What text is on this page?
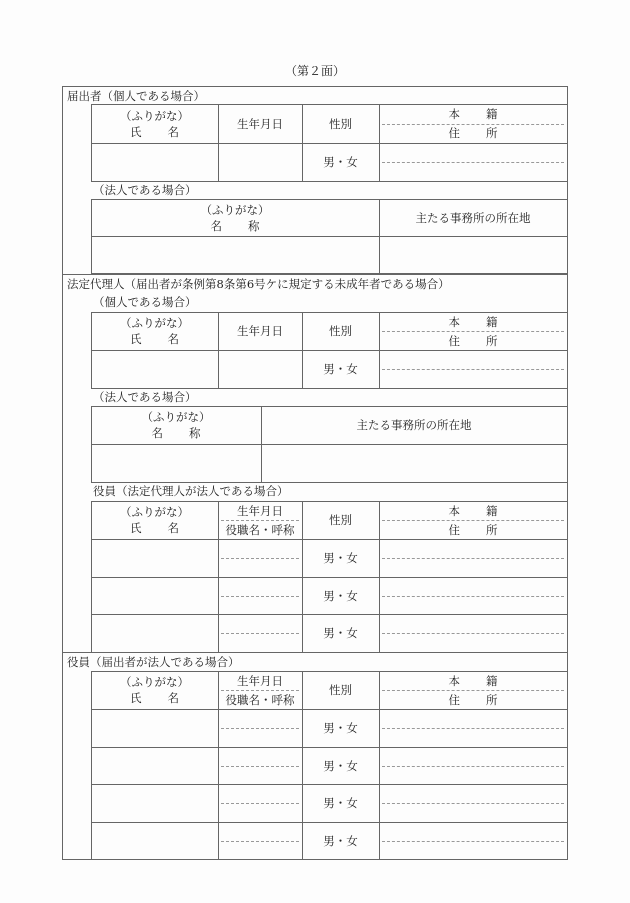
（第２面）
届出者（個人である場合）
（ふりがな）
氏 名
生年月日	性別
本 籍
住 所
男・女
（法人である場合）
（ふりがな）
名 称
主たる事務所の所在地
法定代理人（届出者が条例第8条第6号ケに規定する未成年者である場合）
（個人である場合）
（ふりがな）
氏 名
生年月日	性別
本 籍
住 所
男・女
（法人である場合）
（ふりがな）
名 称
主たる事務所の所在地
役員（法定代理人が法人である場合）
（ふりがな）
氏 名
生年月日
役職名・呼称
性別
本 籍
住 所
男・女
男・女
男・女
役員（届出者が法人である場合）
（ふりがな）
氏 名
生年月日
役職名・呼称
性別
本 籍
住 所
男・女
男・女
男・女
男・女
